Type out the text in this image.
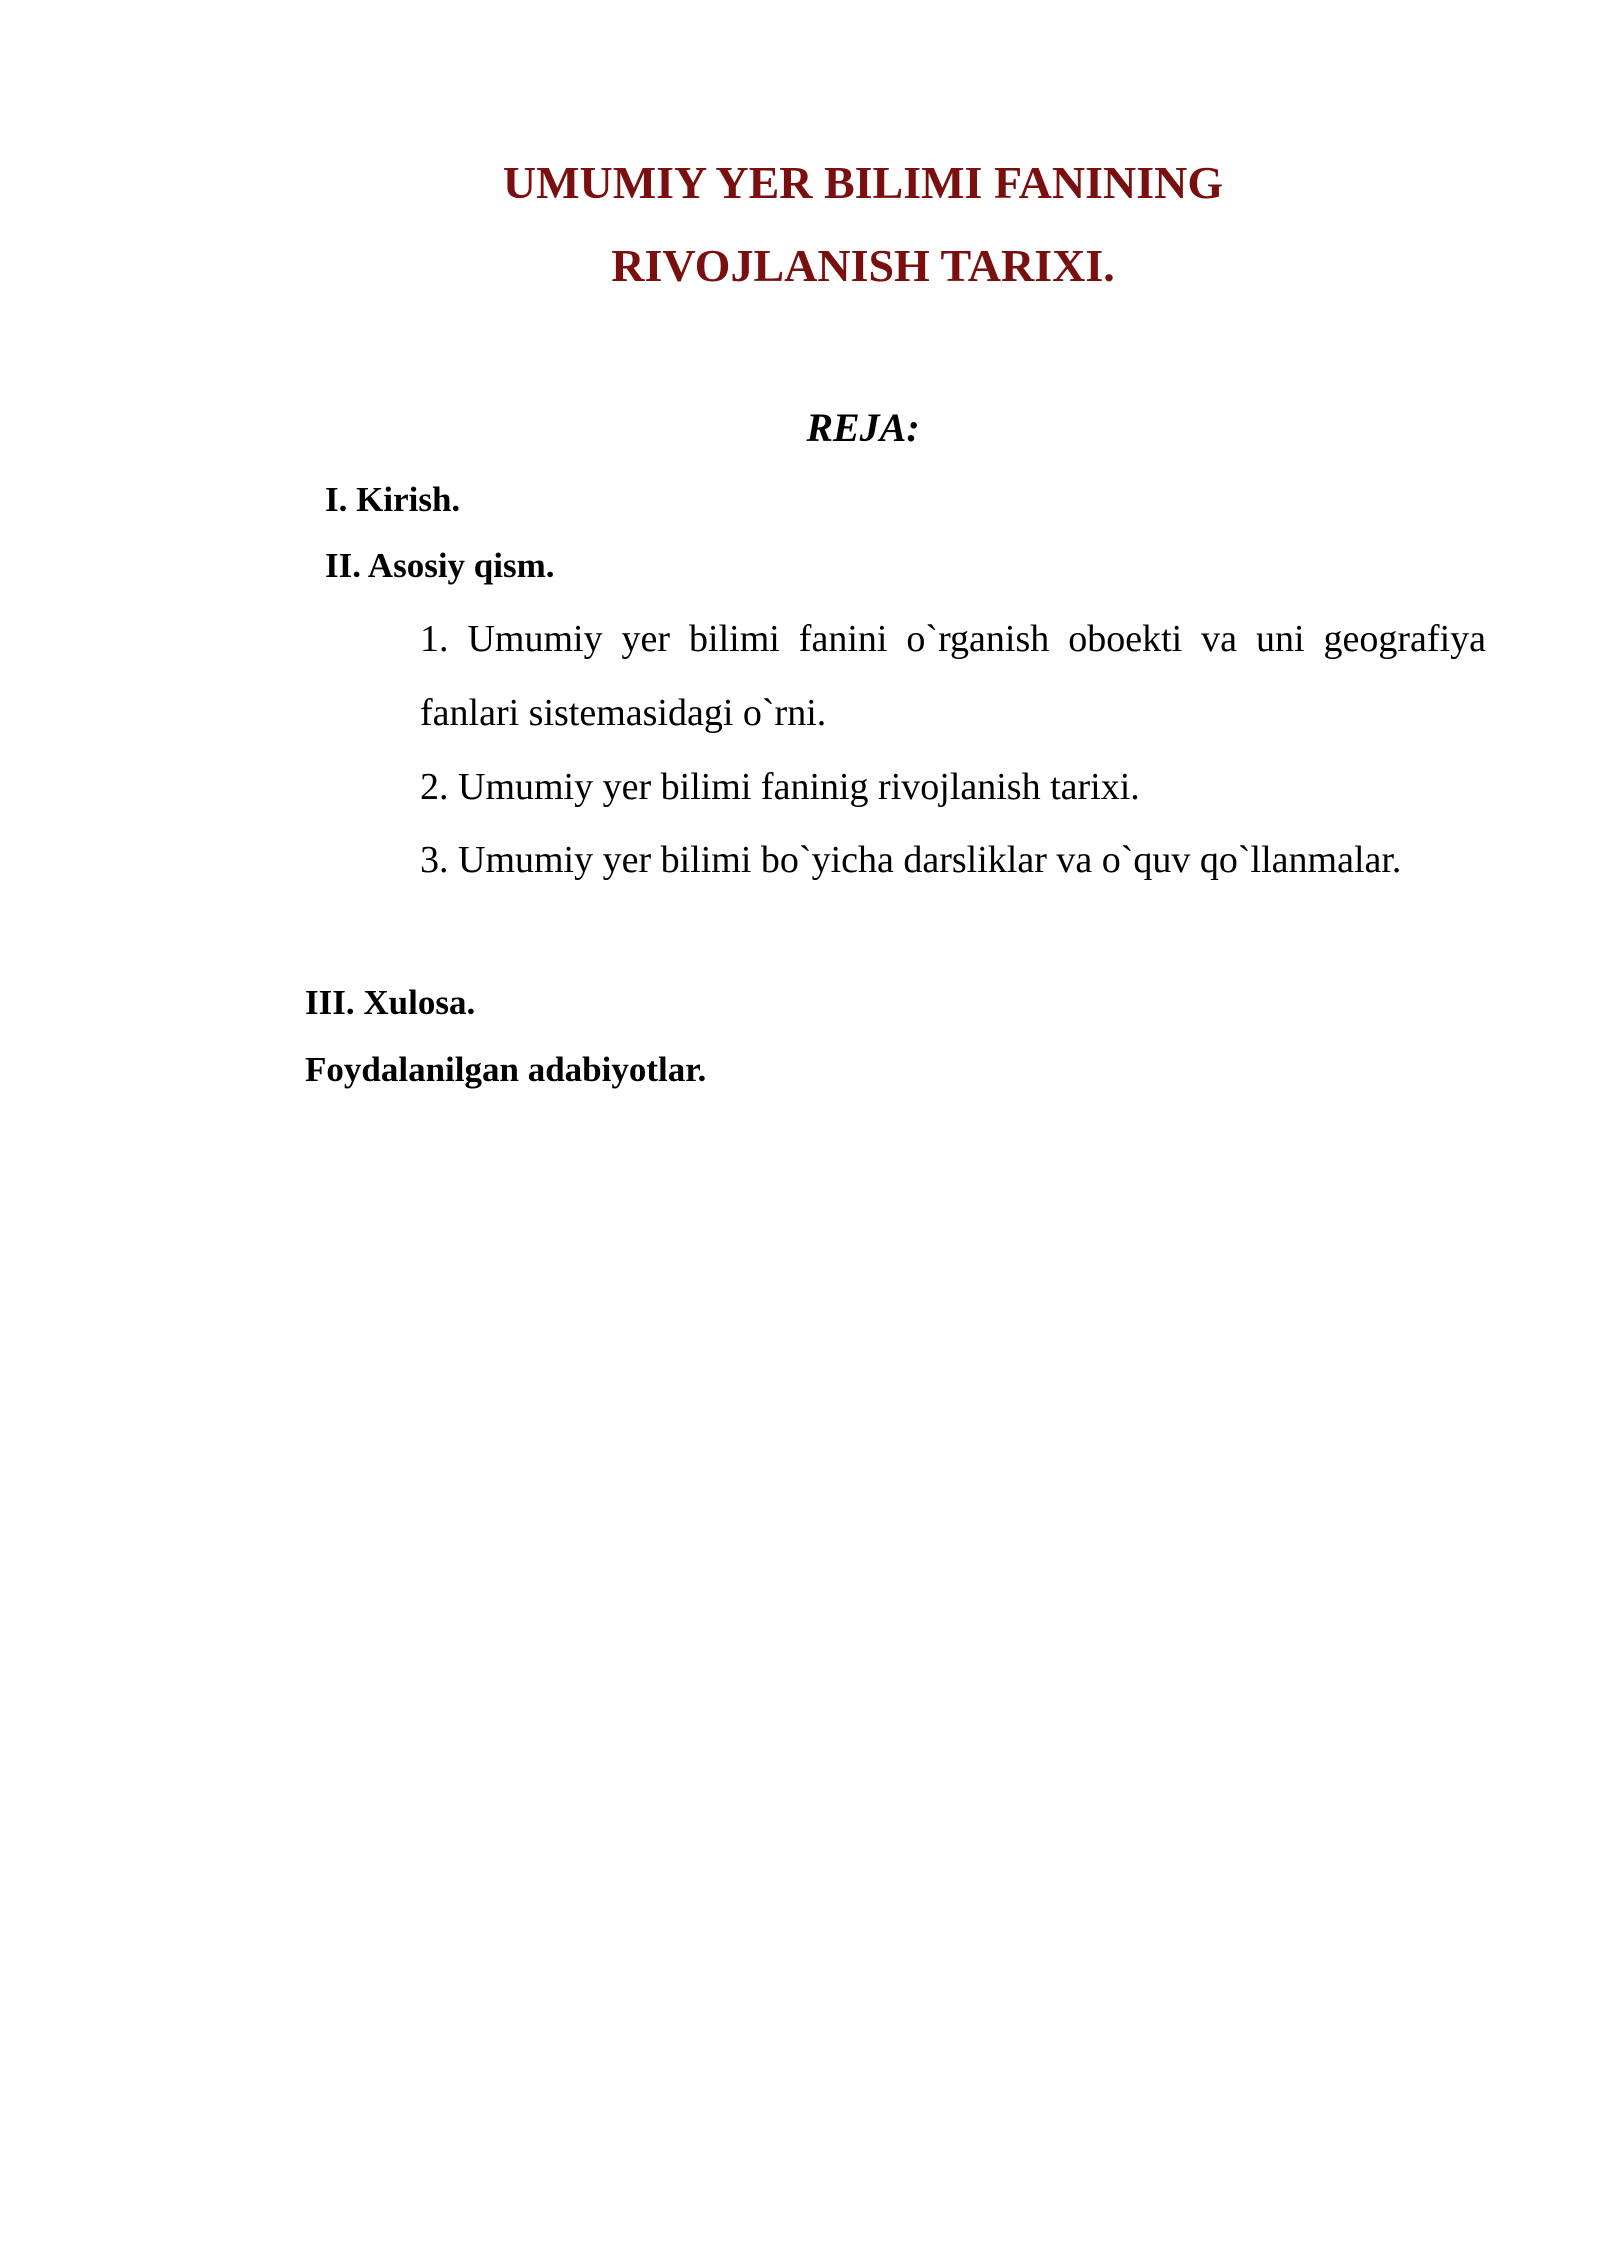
UMUMIY YER BILIMI FANINING
RIVOJLANISH TARIXI.
REJA:
I. Kirish.
II. Asosiy qism.
1. Umumiy yer bilimi fanini o`rganish oboekti va uni geografiya fanlari sistemasidagi o`rni.
2. Umumiy yer bilimi faninig rivojlanish tarixi.
3. Umumiy yer bilimi bo`yicha darsliklar va o`quv qo`llanmalar.
III. Xulosa.
Foydalanilgan adabiyotlar.
